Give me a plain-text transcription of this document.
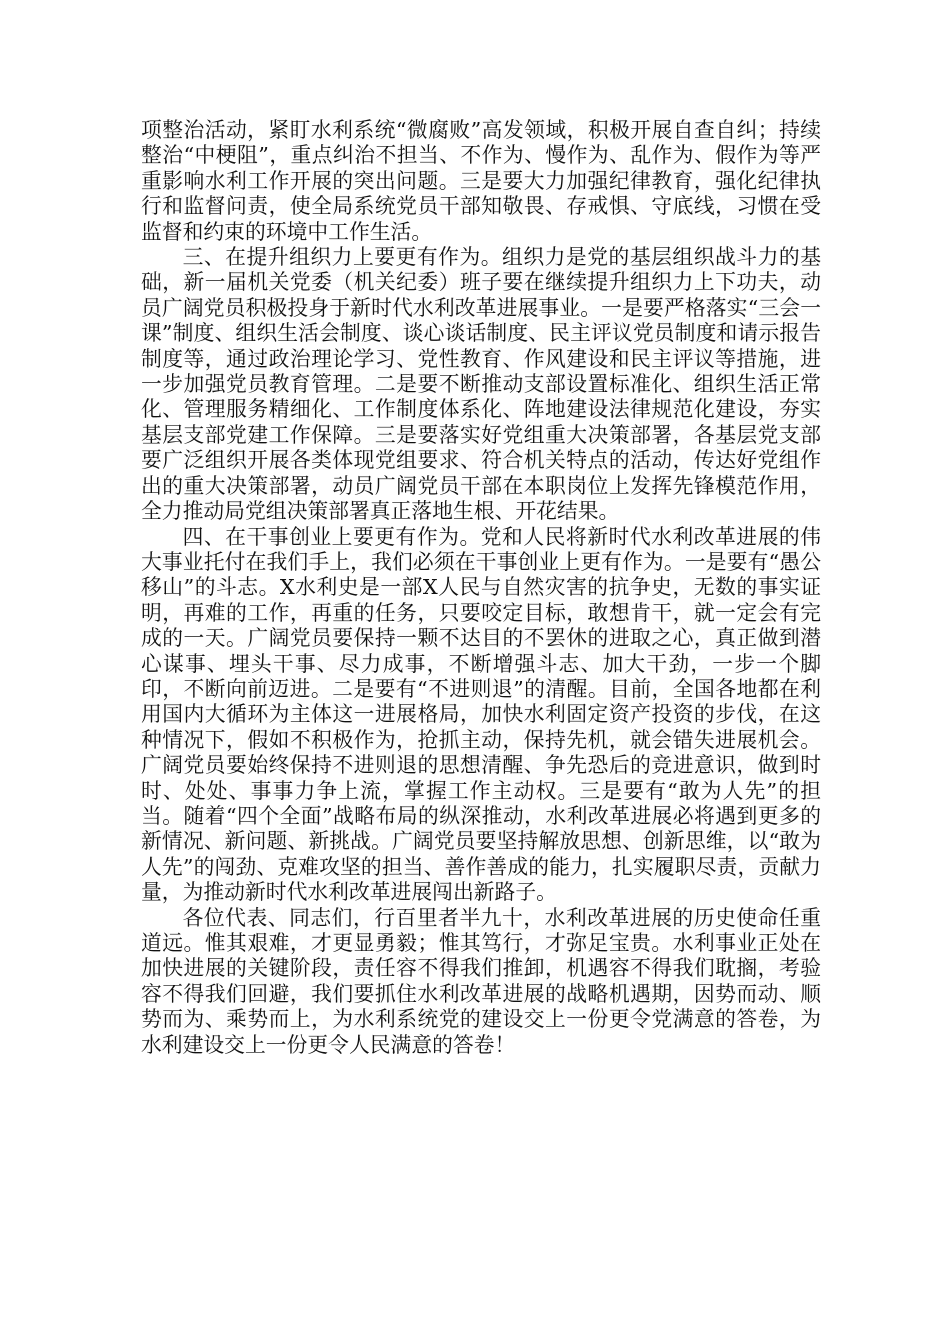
项整治活动，紧盯水利系统“微腐败”高发领域，积极开展自查自纠；持续整治“中梗阻”，重点纠治不担当、不作为、慢作为、乱作为、假作为等严重影响水利工作开展的突出问题。三是要大力加强纪律教育，强化纪律执行和监督问责，使全局系统党员干部知敬畏、存戒惧、守底线，习惯在受监督和约束的环境中工作生活。

三、在提升组织力上要更有作为。组织力是党的基层组织战斗力的基础，新一届机关党委（机关纪委）班子要在继续提升组织力上下功夫，动员广阔党员积极投身于新时代水利改革进展事业。一是要严格落实“三会一课”制度、组织生活会制度、谈心谈话制度、民主评议党员制度和请示报告制度等，通过政治理论学习、党性教育、作风建设和民主评议等措施，进一步加强党员教育管理。二是要不断推动支部设置标准化、组织生活正常化、管理服务精细化、工作制度体系化、阵地建设法律规范化建设，夯实基层支部党建工作保障。三是要落实好党组重大决策部署，各基层党支部要广泛组织开展各类体现党组要求、符合机关特点的活动，传达好党组作出的重大决策部署，动员广阔党员干部在本职岗位上发挥先锋模范作用，全力推动局党组决策部署真正落地生根、开花结果。

四、在干事创业上要更有作为。党和人民将新时代水利改革进展的伟大事业托付在我们手上，我们必须在干事创业上更有作为。一是要有“愚公移山”的斗志。X水利史是一部X人民与自然灾害的抗争史，无数的事实证明，再难的工作，再重的任务，只要咬定目标，敢想肯干，就一定会有完成的一天。广阔党员要保持一颗不达目的不罢休的进取之心，真正做到潜心谋事、埋头干事、尽力成事，不断增强斗志、加大干劲，一步一个脚印，不断向前迈进。二是要有“不进则退”的清醒。目前，全国各地都在利用国内大循环为主体这一进展格局，加快水利固定资产投资的步伐，在这种情况下，假如不积极作为，抢抓主动，保持先机，就会错失进展机会。广阔党员要始终保持不进则退的思想清醒、争先恐后的竞进意识，做到时时、处处、事事力争上流，掌握工作主动权。三是要有“敢为人先”的担当。随着“四个全面”战略布局的纵深推动，水利改革进展必将遇到更多的新情况、新问题、新挑战。广阔党员要坚持解放思想、创新思维，以“敢为人先”的闯劲、克难攻坚的担当、善作善成的能力，扎实履职尽责，贡献力量，为推动新时代水利改革进展闯出新路子。

各位代表、同志们，行百里者半九十，水利改革进展的历史使命任重道远。惟其艰难，才更显勇毅；惟其笃行，才弥足宝贵。水利事业正处在加快进展的关键阶段，责任容不得我们推卸，机遇容不得我们耽搁，考验容不得我们回避，我们要抓住水利改革进展的战略机遇期，因势而动、顺势而为、乘势而上，为水利系统党的建设交上一份更令党满意的答卷，为水利建设交上一份更令人民满意的答卷！
